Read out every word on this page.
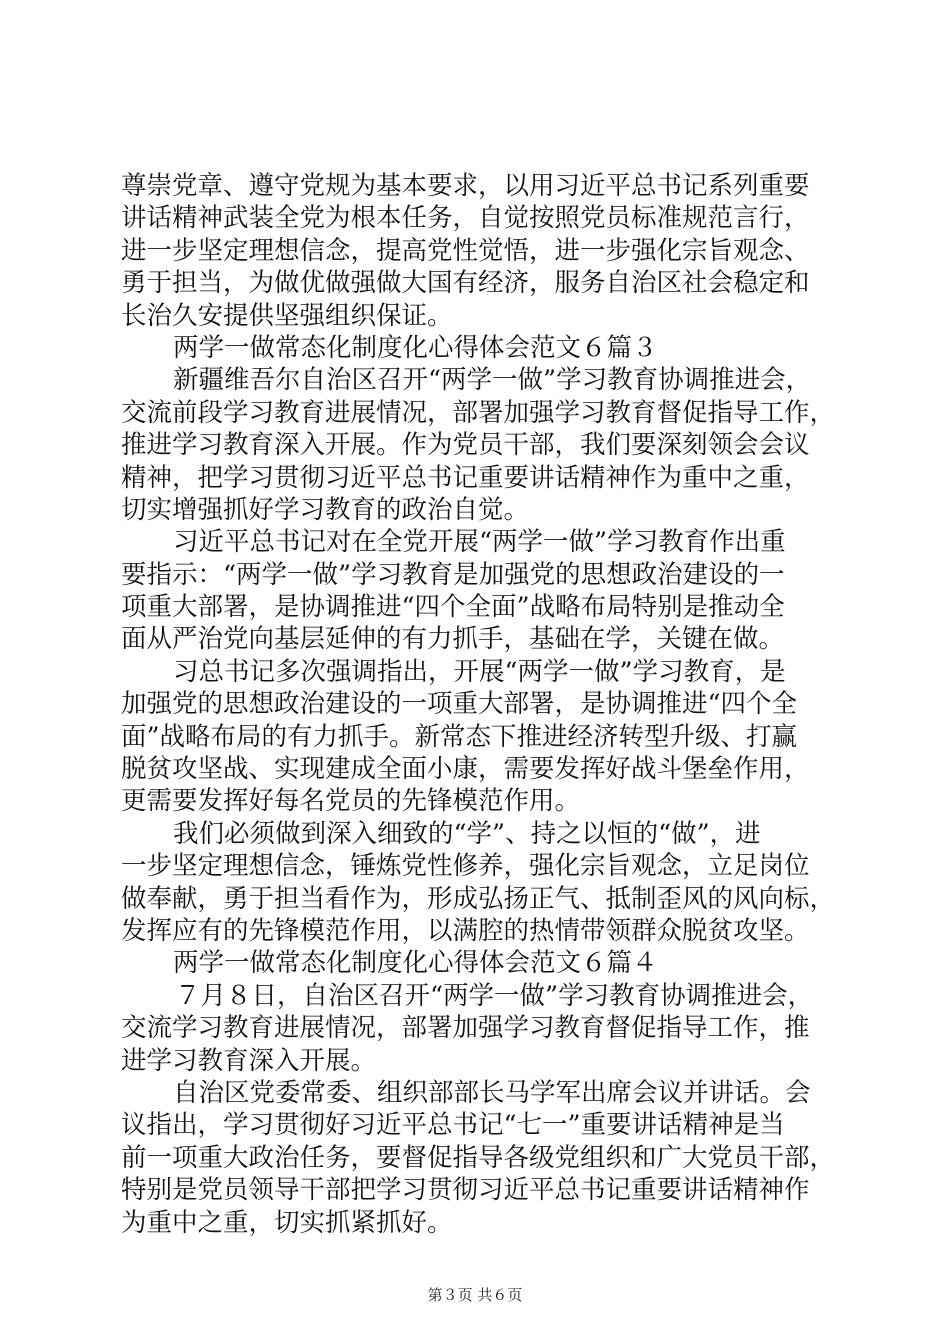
尊崇党章、遵守党规为基本要求，以用习近平总书记系列重要
讲话精神武装全党为根本任务，自觉按照党员标准规范言行，
进一步坚定理想信念，提高党性觉悟，进一步强化宗旨观念、
勇于担当，为做优做强做大国有经济，服务自治区社会稳定和
长治久安提供坚强组织保证。
两学一做常态化制度化心得体会范文６篇３
新疆维吾尔自治区召开“两学一做”学习教育协调推进会，
交流前段学习教育进展情况，部署加强学习教育督促指导工作，
推进学习教育深入开展。作为党员干部，我们要深刻领会会议
精神，把学习贯彻习近平总书记重要讲话精神作为重中之重，
切实增强抓好学习教育的政治自觉。
习近平总书记对在全党开展“两学一做”学习教育作出重
要指示：“两学一做”学习教育是加强党的思想政治建设的一
项重大部署，是协调推进“四个全面”战略布局特别是推动全
面从严治党向基层延伸的有力抓手，基础在学，关键在做。
习总书记多次强调指出，开展“两学一做”学习教育，是
加强党的思想政治建设的一项重大部署，是协调推进“四个全
面”战略布局的有力抓手。新常态下推进经济转型升级、打赢
脱贫攻坚战、实现建成全面小康，需要发挥好战斗堡垒作用，
更需要发挥好每名党员的先锋模范作用。
我们必须做到深入细致的“学”、持之以恒的“做”，进
一步坚定理想信念，锤炼党性修养，强化宗旨观念，立足岗位
做奉献，勇于担当看作为，形成弘扬正气、抵制歪风的风向标，
发挥应有的先锋模范作用，以满腔的热情带领群众脱贫攻坚。
两学一做常态化制度化心得体会范文６篇４
７月８日，自治区召开“两学一做”学习教育协调推进会，
交流学习教育进展情况，部署加强学习教育督促指导工作，推
进学习教育深入开展。
自治区党委常委、组织部部长马学军出席会议并讲话。会
议指出，学习贯彻好习近平总书记“七一”重要讲话精神是当
前一项重大政治任务，要督促指导各级党组织和广大党员干部，
特别是党员领导干部把学习贯彻习近平总书记重要讲话精神作
为重中之重，切实抓紧抓好。
第３页 共６页
